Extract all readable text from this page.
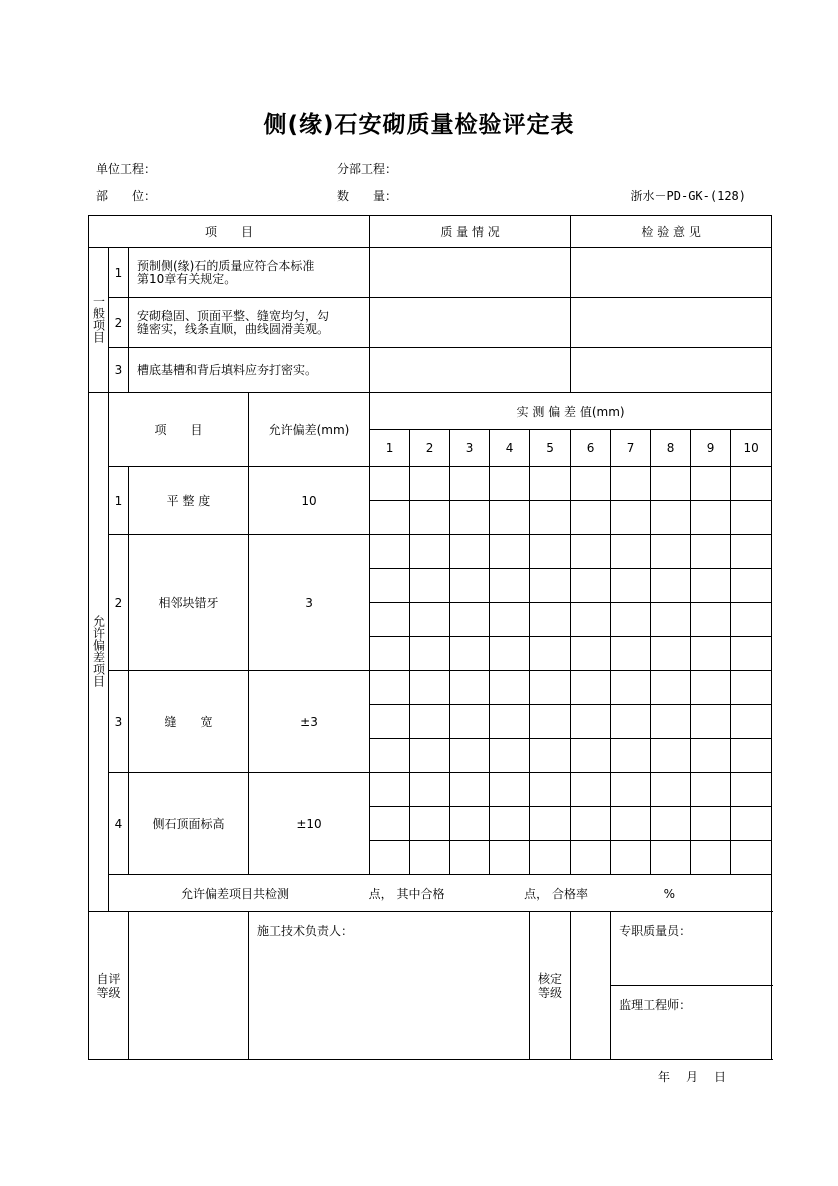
侧(缘)石安砌质量检验评定表
单位工程：	分部工程：
部　　位：	数　　量：	浙水－PD-GK-(128)
项　　目				质 量 情 况					检 验 意 见				
一般项目	1	预制侧(缘)石的质量应符合本标准
第10章有关规定。											
	2	安砌稳固、顶面平整、缝宽均匀，勾
缝密实，线条直顺，曲线圆滑美观。											
	3	槽底基槽和背后填料应夯打密实。											
允许偏差项目	项　　目		允许偏差(mm)	实 测 偏 差 值(mm)									
				1	2	3	4	5	6	7	8	9	10
	1	平 整 度	10										

	2	相邻块错牙	3										

	3	缝　　宽	±3										

	4	侧石顶面标高	±10										

	允许偏差项目共检测 点， 其中合格 点， 合格率 %												
自评等级			施工技术负责人：					核定等级		专职质量员：			
										监理工程师：			
年 月 日
